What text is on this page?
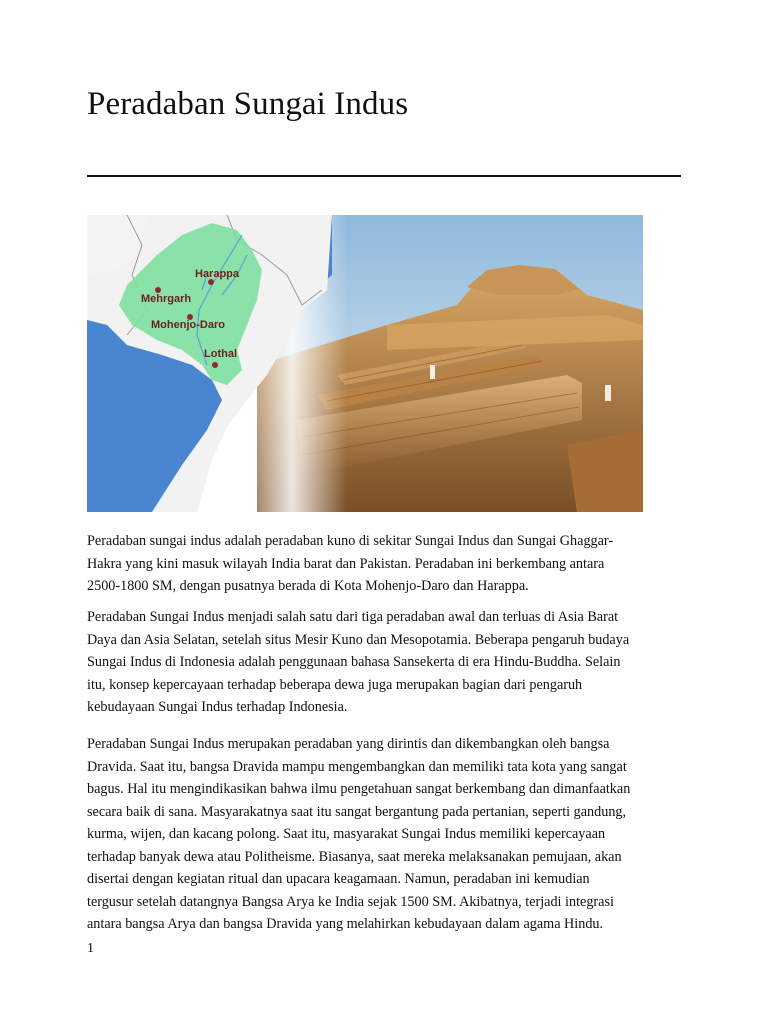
Peradaban Sungai Indus
Harappa
Mehrgarh
Mohenjo-Daro
Lothal

Peradaban sungai indus adalah peradaban kuno di sekitar Sungai Indus dan Sungai Ghaggar-
Hakra yang kini masuk wilayah India barat dan Pakistan. Peradaban ini berkembang antara
2500-1800 SM, dengan pusatnya berada di Kota Mohenjo-Daro dan Harappa.

Peradaban Sungai Indus menjadi salah satu dari tiga peradaban awal dan terluas di Asia Barat
Daya dan Asia Selatan, setelah situs Mesir Kuno dan Mesopotamia. Beberapa pengaruh budaya
Sungai Indus di Indonesia adalah penggunaan bahasa Sansekerta di era Hindu-Buddha. Selain
itu, konsep kepercayaan terhadap beberapa dewa juga merupakan bagian dari pengaruh
kebudayaan Sungai Indus terhadap Indonesia.

Peradaban Sungai Indus merupakan peradaban yang dirintis dan dikembangkan oleh bangsa
Dravida. Saat itu, bangsa Dravida mampu mengembangkan dan memiliki tata kota yang sangat
bagus. Hal itu mengindikasikan bahwa ilmu pengetahuan sangat berkembang dan dimanfaatkan
secara baik di sana. Masyarakatnya saat itu sangat bergantung pada pertanian, seperti gandung,
kurma, wijen, dan kacang polong. Saat itu, masyarakat Sungai Indus memiliki kepercayaan
terhadap banyak dewa atau Politheisme. Biasanya, saat mereka melaksanakan pemujaan, akan
disertai dengan kegiatan ritual dan upacara keagamaan. Namun, peradaban ini kemudian
tergusur setelah datangnya Bangsa Arya ke India sejak 1500 SM. Akibatnya, terjadi integrasi
antara bangsa Arya dan bangsa Dravida yang melahirkan kebudayaan dalam agama Hindu.

1
